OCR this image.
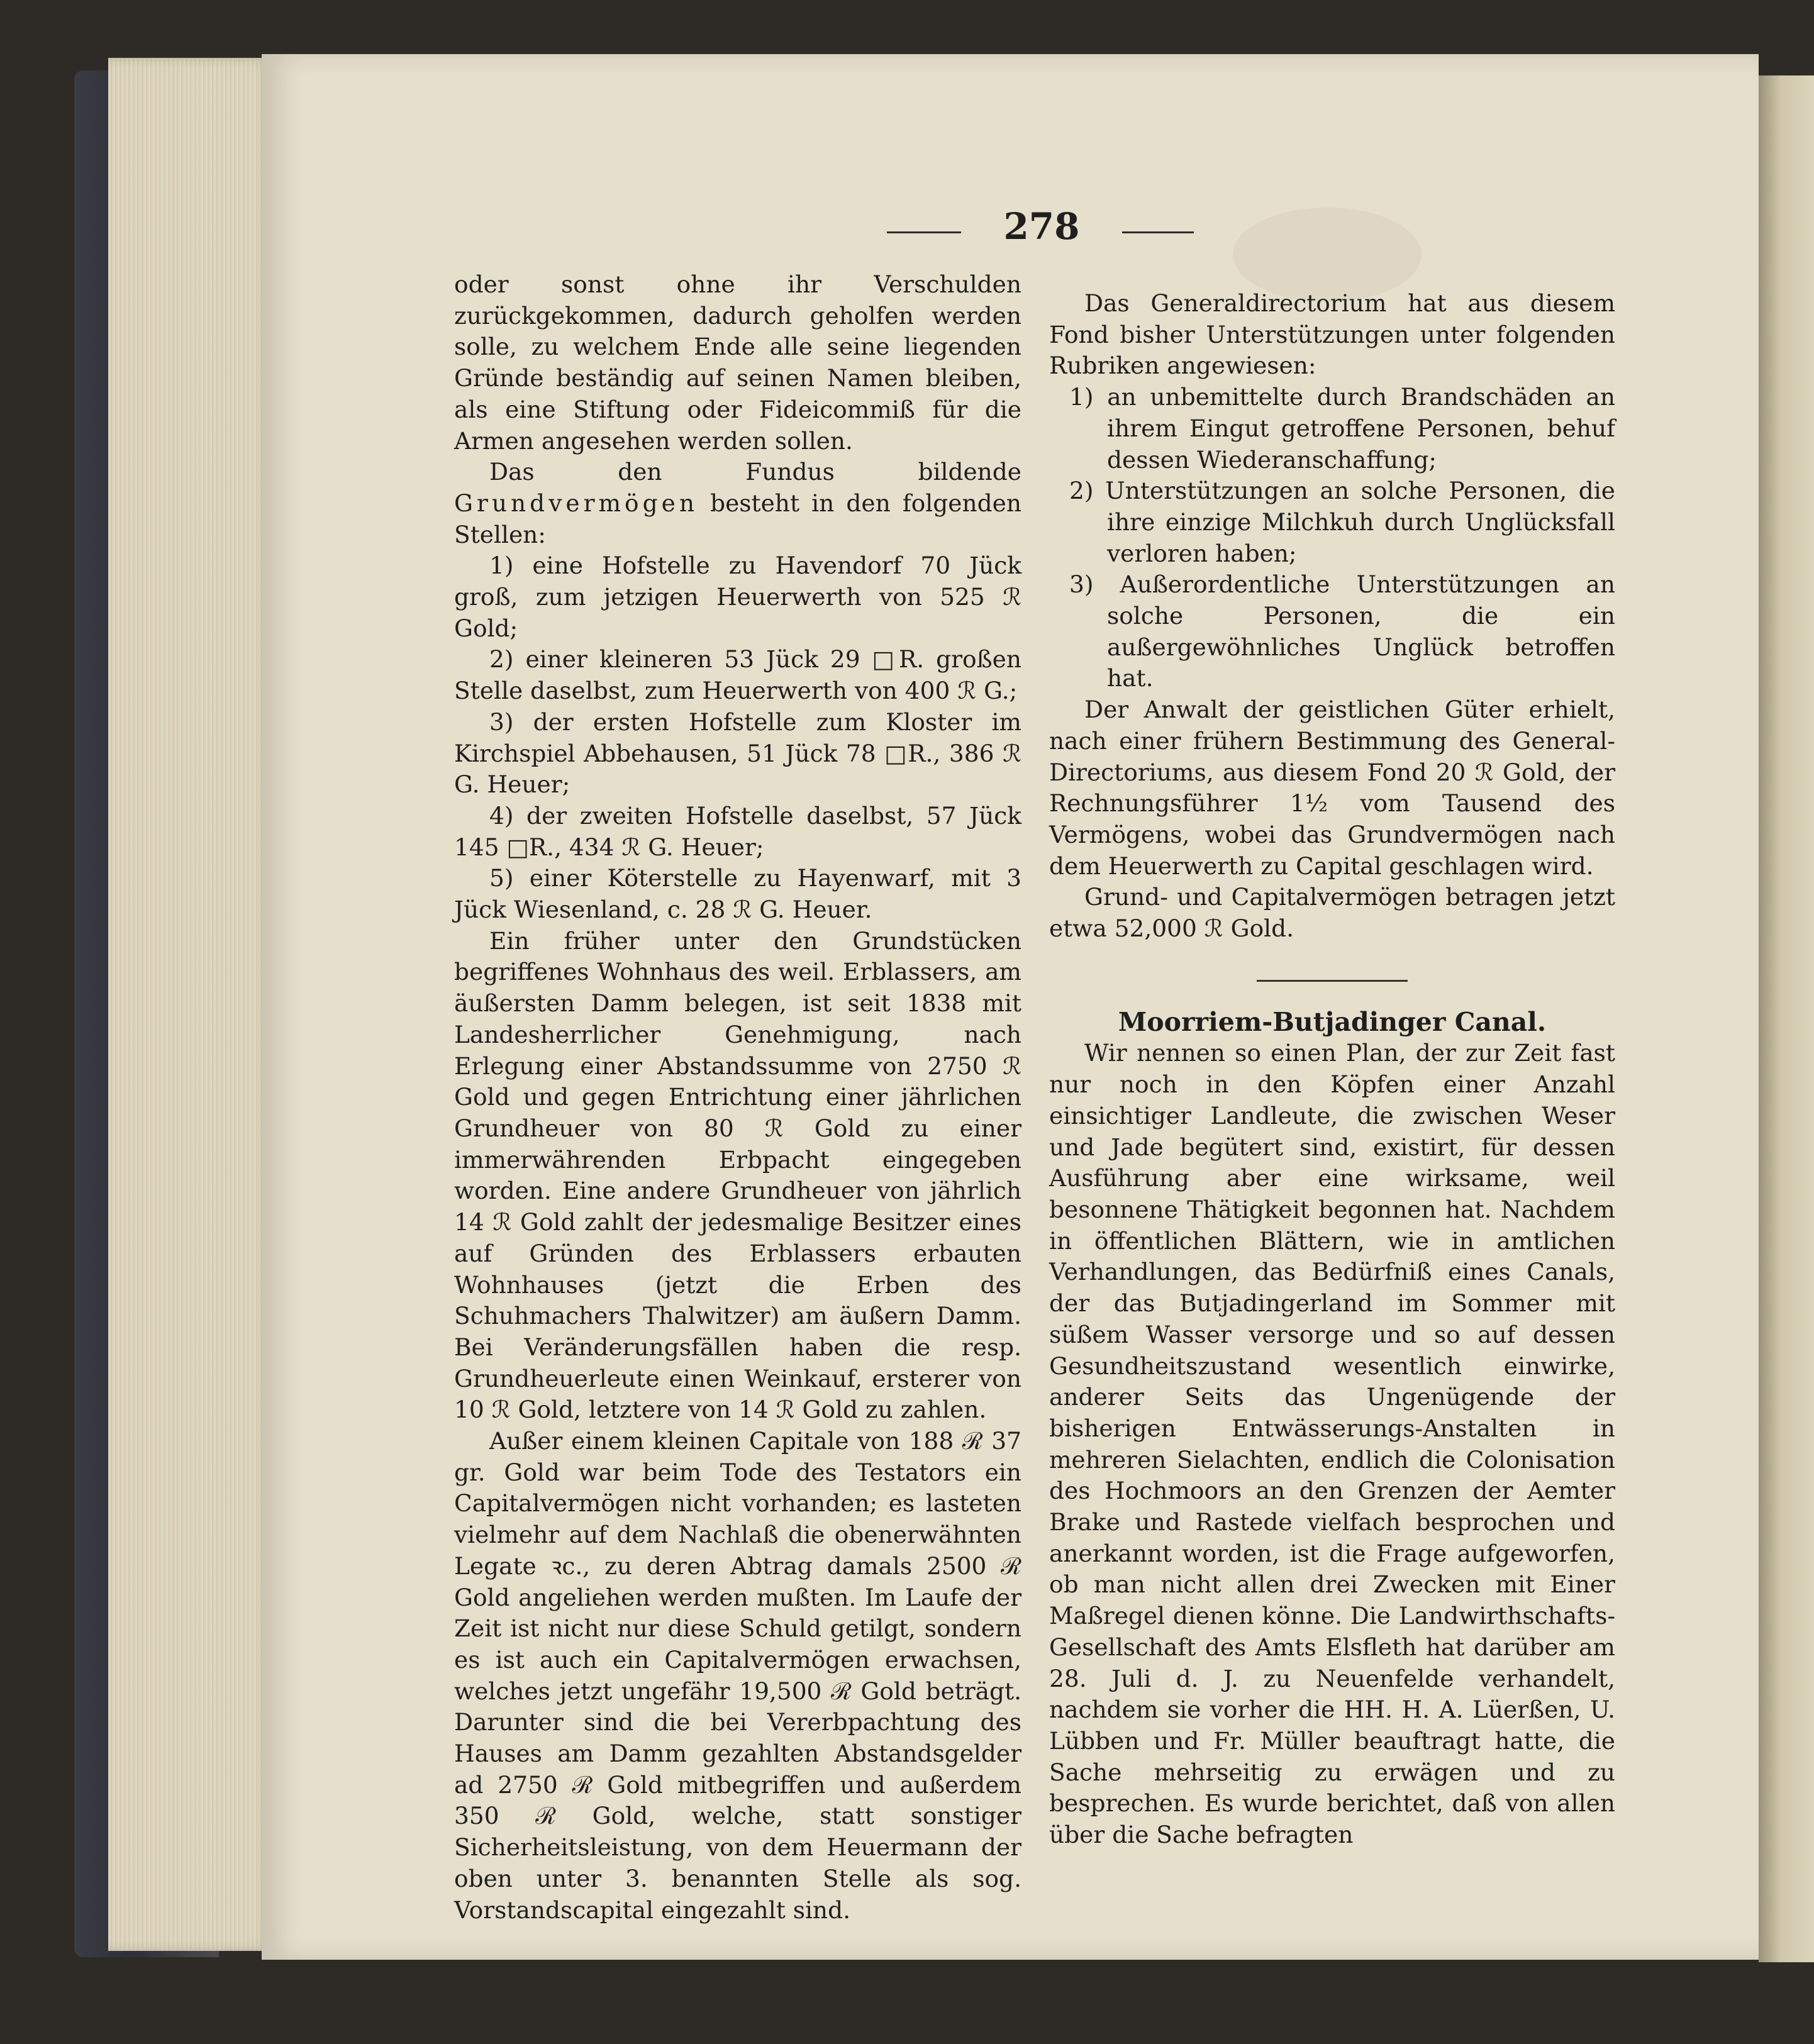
278

oder sonst ohne ihr Verschulden zurückgekommen, dadurch geholfen werden solle, zu welchem Ende alle seine liegenden Gründe beständig auf seinen Namen bleiben, als eine Stiftung oder Fideicommiß für die Armen angesehen werden sollen.

Das den Fundus bildende Grundvermögen besteht in den folgenden Stellen:

1) eine Hofstelle zu Havendorf 70 Jück groß, zum jetzigen Heuerwerth von 525 ℛ Gold;

2) einer kleineren 53 Jück 29 □R. großen Stelle daselbst, zum Heuerwerth von 400 ℛ G.;

3) der ersten Hofstelle zum Kloster im Kirchspiel Abbehausen, 51 Jück 78 □R., 386 ℛ G. Heuer;

4) der zweiten Hofstelle daselbst, 57 Jück 145 □R., 434 ℛ G. Heuer;

5) einer Köterstelle zu Hayenwarf, mit 3 Jück Wiesenland, c. 28 ℛ G. Heuer.

Ein früher unter den Grundstücken begriffenes Wohnhaus des weil. Erblassers, am äußersten Damm belegen, ist seit 1838 mit Landesherrlicher Genehmigung, nach Erlegung einer Abstandssumme von 2750 ℛ Gold und gegen Entrichtung einer jährlichen Grundheuer von 80 ℛ Gold zu einer immerwährenden Erbpacht eingegeben worden. Eine andere Grundheuer von jährlich 14 ℛ Gold zahlt der jedesmalige Besitzer eines auf Gründen des Erblassers erbauten Wohnhauses (jetzt die Erben des Schuhmachers Thalwitzer) am äußern Damm. Bei Veränderungsfällen haben die resp. Grundheuerleute einen Weinkauf, ersterer von 10 ℛ Gold, letztere von 14 ℛ Gold zu zahlen.

Außer einem kleinen Capitale von 188 ℛ 37 gr. Gold war beim Tode des Testators ein Capitalvermögen nicht vorhanden; es lasteten vielmehr auf dem Nachlaß die obenerwähnten Legate ꝛc., zu deren Abtrag damals 2500 ℛ Gold angeliehen werden mußten. Im Laufe der Zeit ist nicht nur diese Schuld getilgt, sondern es ist auch ein Capitalvermögen erwachsen, welches jetzt ungefähr 19,500 ℛ Gold beträgt. Darunter sind die bei Vererbpachtung des Hauses am Damm gezahlten Abstandsgelder ad 2750 ℛ Gold mitbegriffen und außerdem 350 ℛ Gold, welche, statt sonstiger Sicherheitsleistung, von dem Heuermann der oben unter 3. benannten Stelle als sog. Vorstandscapital eingezahlt sind.

Das Generaldirectorium hat aus diesem Fond bisher Unterstützungen unter folgenden Rubriken angewiesen:

1) an unbemittelte durch Brandschäden an ihrem Eingut getroffene Personen, behuf dessen Wiederanschaffung;

2) Unterstützungen an solche Personen, die ihre einzige Milchkuh durch Unglücksfall verloren haben;

3) Außerordentliche Unterstützungen an solche Personen, die ein außergewöhnliches Unglück betroffen hat.

Der Anwalt der geistlichen Güter erhielt, nach einer frühern Bestimmung des General-Directoriums, aus diesem Fond 20 ℛ Gold, der Rechnungsführer 1½ vom Tausend des Vermögens, wobei das Grundvermögen nach dem Heuerwerth zu Capital geschlagen wird.

Grund- und Capitalvermögen betragen jetzt etwa 52,000 ℛ Gold.

Moorriem-Butjadinger Canal.

Wir nennen so einen Plan, der zur Zeit fast nur noch in den Köpfen einer Anzahl einsichtiger Landleute, die zwischen Weser und Jade begütert sind, existirt, für dessen Ausführung aber eine wirksame, weil besonnene Thätigkeit begonnen hat. Nachdem in öffentlichen Blättern, wie in amtlichen Verhandlungen, das Bedürfniß eines Canals, der das Butjadingerland im Sommer mit süßem Wasser versorge und so auf dessen Gesundheitszustand wesentlich einwirke, anderer Seits das Ungenügende der bisherigen Entwässerungs-Anstalten in mehreren Sielachten, endlich die Colonisation des Hochmoors an den Grenzen der Aemter Brake und Rastede vielfach besprochen und anerkannt worden, ist die Frage aufgeworfen, ob man nicht allen drei Zwecken mit Einer Maßregel dienen könne. Die Landwirthschafts-Gesellschaft des Amts Elsfleth hat darüber am 28. Juli d. J. zu Neuenfelde verhandelt, nachdem sie vorher die HH. H. A. Lüerßen, U. Lübben und Fr. Müller beauftragt hatte, die Sache mehrseitig zu erwägen und zu besprechen. Es wurde berichtet, daß von allen über die Sache befragten
